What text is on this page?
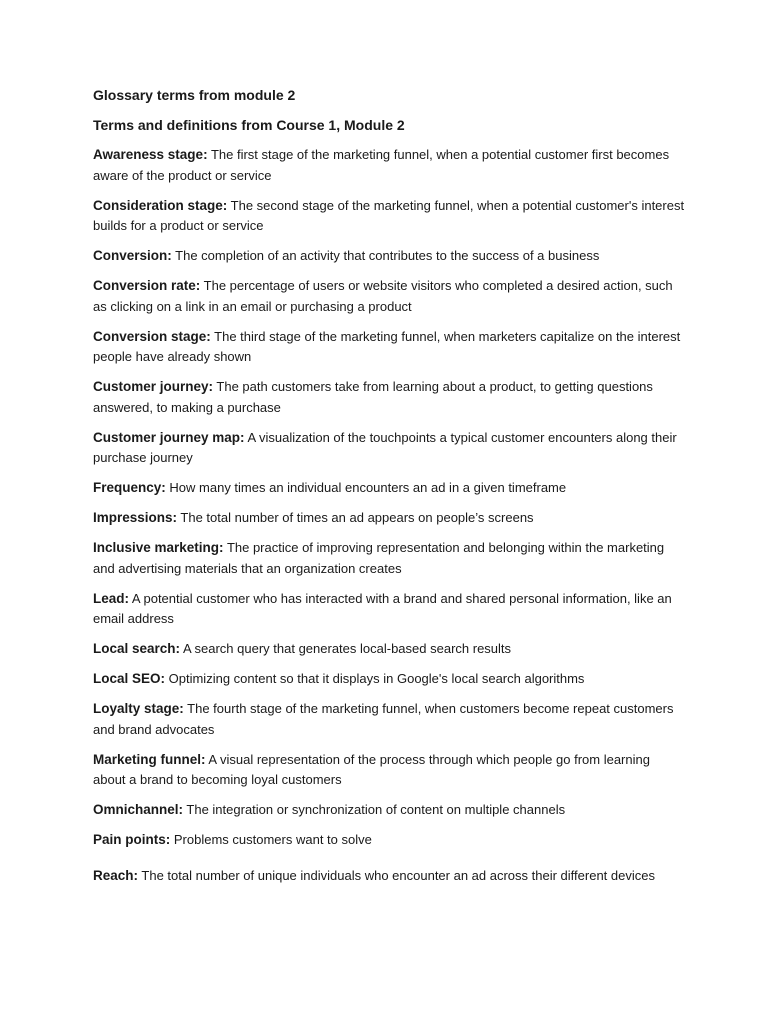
Glossary terms from module 2
Terms and definitions from Course 1, Module 2
Awareness stage: The first stage of the marketing funnel, when a potential customer first becomes aware of the product or service
Consideration stage: The second stage of the marketing funnel, when a potential customer's interest builds for a product or service
Conversion: The completion of an activity that contributes to the success of a business
Conversion rate: The percentage of users or website visitors who completed a desired action, such as clicking on a link in an email or purchasing a product
Conversion stage: The third stage of the marketing funnel, when marketers capitalize on the interest people have already shown
Customer journey: The path customers take from learning about a product, to getting questions answered, to making a purchase
Customer journey map: A visualization of the touchpoints a typical customer encounters along their purchase journey
Frequency: How many times an individual encounters an ad in a given timeframe
Impressions: The total number of times an ad appears on people’s screens
Inclusive marketing: The practice of improving representation and belonging within the marketing and advertising materials that an organization creates
Lead: A potential customer who has interacted with a brand and shared personal information, like an email address
Local search: A search query that generates local-based search results
Local SEO: Optimizing content so that it displays in Google's local search algorithms
Loyalty stage: The fourth stage of the marketing funnel, when customers become repeat customers and brand advocates
Marketing funnel: A visual representation of the process through which people go from learning about a brand to becoming loyal customers
Omnichannel: The integration or synchronization of content on multiple channels
Pain points: Problems customers want to solve
Reach: The total number of unique individuals who encounter an ad across their different devices
